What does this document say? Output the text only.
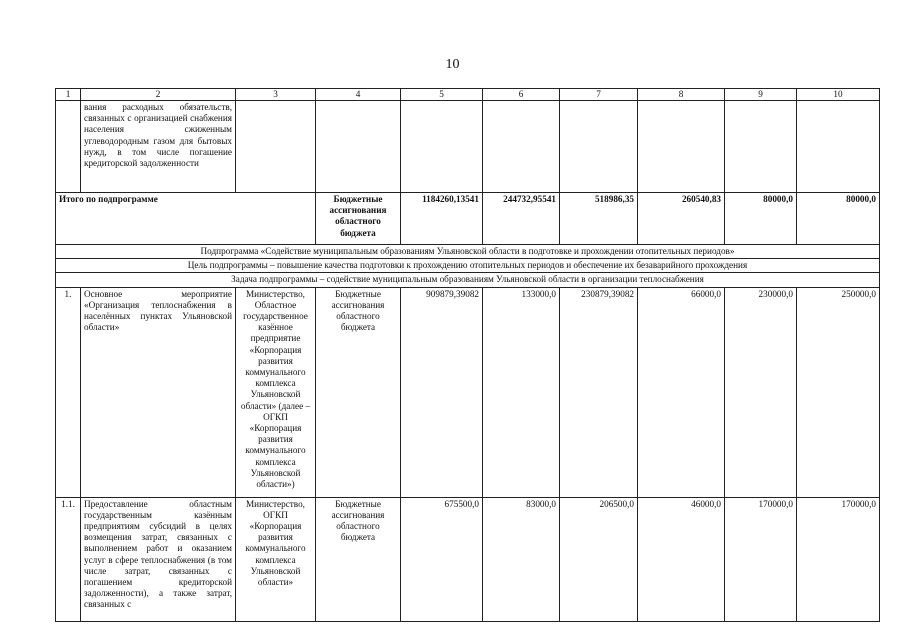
10
1	2	3	4	5	6	7	8	9	10
	вания расходных обязательств, связанных с организацией снабжения населения сжиженным углеводородным газом для бытовых нужд, в том числе погашение кредиторской задолженности								
Итого по подпрограмме			Бюджетные ассигнования областного бюджета	1184260,13541	244732,95541	518986,35	260540,83	80000,0	80000,0
Подпрограмма «Содействие муниципальным образованиям Ульяновской области в подготовке и прохождении отопительных периодов»									
Цель подпрограммы – повышение качества подготовки к прохождению отопительных периодов и обеспечение их безаварийного прохождения									
Задача подпрограммы – содействие муниципальным образованиям Ульяновской области в организации теплоснабжения									
1.	Основное мероприятие «Организация теплоснабжения в населённых пунктах Ульяновской области»	Министерство, Областное государственное казённое предприятие «Корпорация развития коммунального комплекса Ульяновской области» (далее – ОГКП «Корпорация развития коммунального комплекса Ульяновской области»)	Бюджетные ассигнования областного бюджета	909879,39082	133000,0	230879,39082	66000,0	230000,0	250000,0
1.1.	Предоставление областным государственным казённым предприятиям субсидий в целях возмещения затрат, связанных с выполнением работ и оказанием услуг в сфере теплоснабжения (в том числе затрат, связанных с погашением кредиторской задолженности), а также затрат, связанных с	Министерство, ОГКП «Корпорация развития коммунального комплекса Ульяновской области»	Бюджетные ассигнования областного бюджета	675500,0	83000,0	206500,0	46000,0	170000,0	170000,0
